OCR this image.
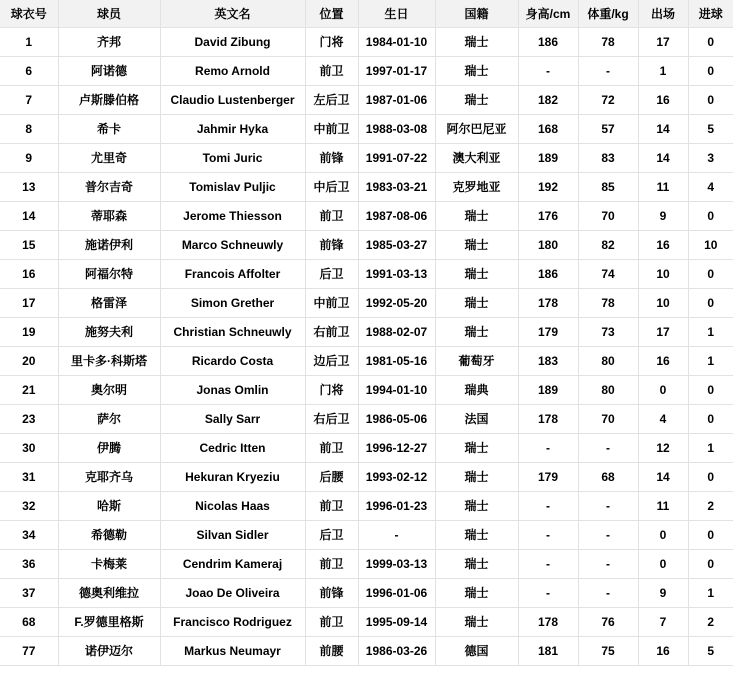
球衣号	球员	英文名	位置	生日	国籍	身高/cm	体重/kg	出场	进球
1	齐邦	David Zibung	门将	1984-01-10	瑞士	186	78	17	0
6	阿诺德	Remo Arnold	前卫	1997-01-17	瑞士	-	-	1	0
7	卢斯滕伯格	Claudio Lustenberger	左后卫	1987-01-06	瑞士	182	72	16	0
8	希卡	Jahmir Hyka	中前卫	1988-03-08	阿尔巴尼亚	168	57	14	5
9	尤里奇	Tomi Juric	前锋	1991-07-22	澳大利亚	189	83	14	3
13	普尔吉奇	Tomislav Puljic	中后卫	1983-03-21	克罗地亚	192	85	11	4
14	蒂耶森	Jerome Thiesson	前卫	1987-08-06	瑞士	176	70	9	0
15	施诺伊利	Marco Schneuwly	前锋	1985-03-27	瑞士	180	82	16	10
16	阿福尔特	Francois Affolter	后卫	1991-03-13	瑞士	186	74	10	0
17	格雷泽	Simon Grether	中前卫	1992-05-20	瑞士	178	78	10	0
19	施努夫利	Christian Schneuwly	右前卫	1988-02-07	瑞士	179	73	17	1
20	里卡多·科斯塔	Ricardo Costa	边后卫	1981-05-16	葡萄牙	183	80	16	1
21	奥尔明	Jonas Omlin	门将	1994-01-10	瑞典	189	80	0	0
23	萨尔	Sally Sarr	右后卫	1986-05-06	法国	178	70	4	0
30	伊腾	Cedric Itten	前卫	1996-12-27	瑞士	-	-	12	1
31	克耶齐乌	Hekuran Kryeziu	后腰	1993-02-12	瑞士	179	68	14	0
32	哈斯	Nicolas Haas	前卫	1996-01-23	瑞士	-	-	11	2
34	希德勒	Silvan Sidler	后卫	-	瑞士	-	-	0	0
36	卡梅莱	Cendrim Kameraj	前卫	1999-03-13	瑞士	-	-	0	0
37	德奥利维拉	Joao De Oliveira	前锋	1996-01-06	瑞士	-	-	9	1
68	F.罗德里格斯	Francisco Rodriguez	前卫	1995-09-14	瑞士	178	76	7	2
77	诺伊迈尔	Markus Neumayr	前腰	1986-03-26	德国	181	75	16	5
